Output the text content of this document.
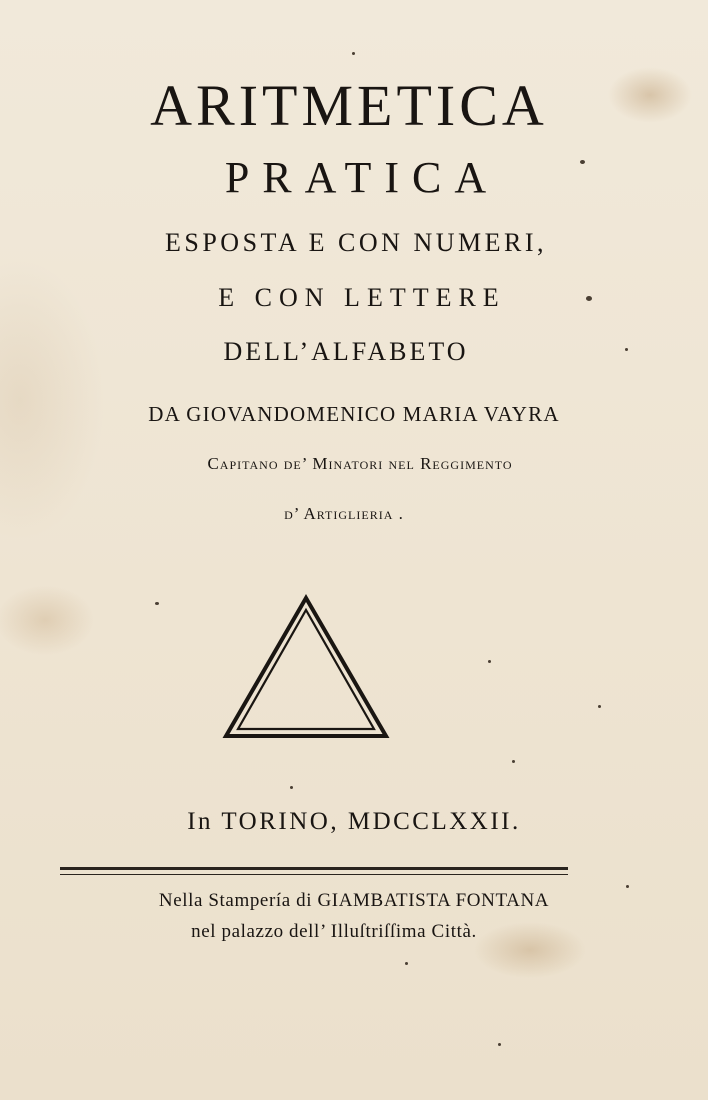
ARITMETICA
PRATICA
ESPOSTA E CON NUMERI,
E CON LETTERE
DELL’ALFABETO
DA GIOVANDOMENICO MARIA VAYRA
Capitano de’ Minatori nel Reggimento
d’ Artiglieria .
In TORINO, MDCCLXXII.
Nella Stampería di GIAMBATISTA FONTANA
nel palazzo dell’ Illuſtriſſima Città.
